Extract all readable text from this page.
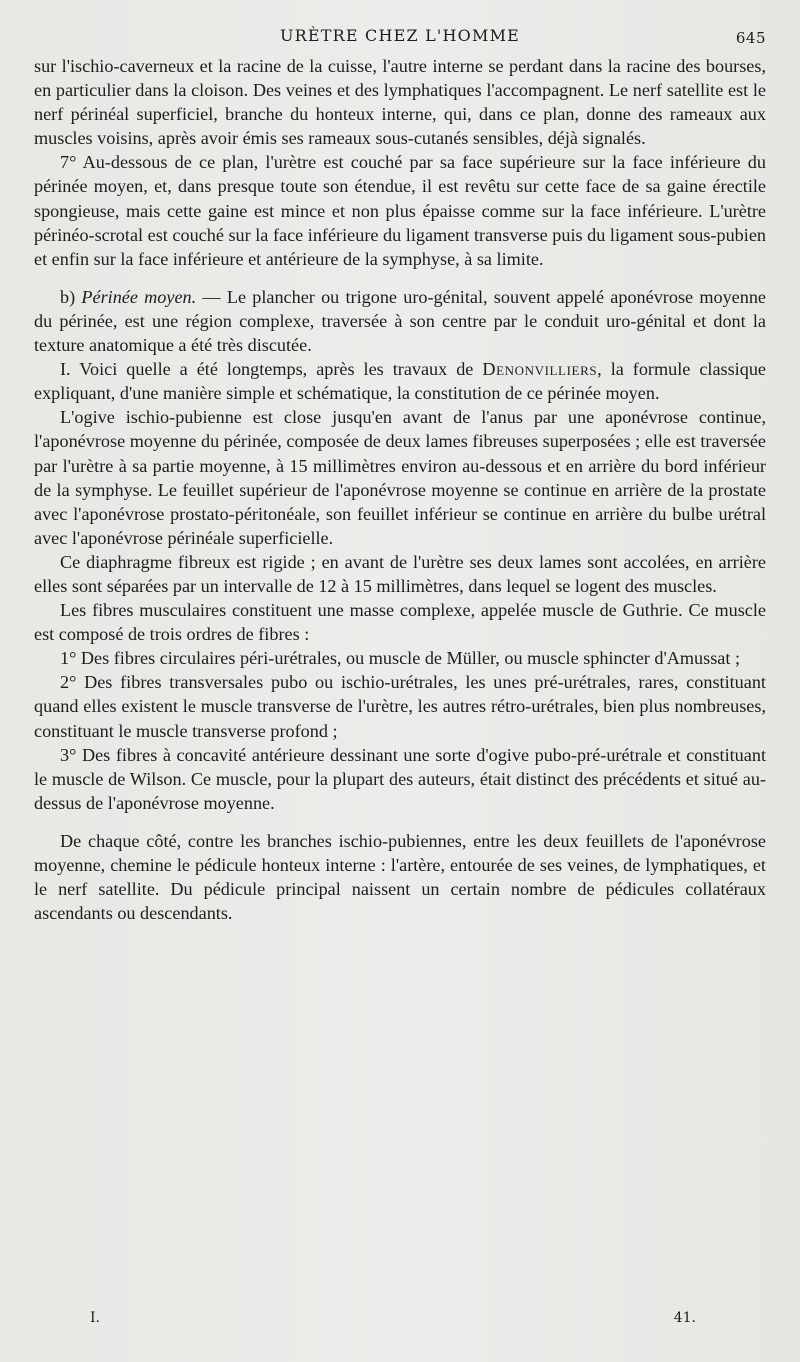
URÈTRE CHEZ L'HOMME	645

sur l'ischio-caverneux et la racine de la cuisse, l'autre interne se perdant dans la racine des bourses, en particulier dans la cloison. Des veines et des lymphatiques l'accompagnent. Le nerf satellite est le nerf périnéal superficiel, branche du honteux interne, qui, dans ce plan, donne des rameaux aux muscles voisins, après avoir émis ses rameaux sous-cutanés sensibles, déjà signalés.

7° Au-dessous de ce plan, l'urètre est couché par sa face supérieure sur la face inférieure du périnée moyen, et, dans presque toute son étendue, il est revêtu sur cette face de sa gaine érectile spongieuse, mais cette gaine est mince et non plus épaisse comme sur la face inférieure. L'urètre périnéo-scrotal est couché sur la face inférieure du ligament transverse puis du ligament sous-pubien et enfin sur la face inférieure et antérieure de la symphyse, à sa limite.

b) Périnée moyen. — Le plancher ou trigone uro-génital, souvent appelé aponévrose moyenne du périnée, est une région complexe, traversée à son centre par le conduit uro-génital et dont la texture anatomique a été très discutée.

I. Voici quelle a été longtemps, après les travaux de Denonvilliers, la formule classique expliquant, d'une manière simple et schématique, la constitution de ce périnée moyen.

L'ogive ischio-pubienne est close jusqu'en avant de l'anus par une aponévrose continue, l'aponévrose moyenne du périnée, composée de deux lames fibreuses superposées ; elle est traversée par l'urètre à sa partie moyenne, à 15 millimètres environ au-dessous et en arrière du bord inférieur de la symphyse. Le feuillet supérieur de l'aponévrose moyenne se continue en arrière de la prostate avec l'aponévrose prostato-péritonéale, son feuillet inférieur se continue en arrière du bulbe urétral avec l'aponévrose périnéale superficielle.

Ce diaphragme fibreux est rigide ; en avant de l'urètre ses deux lames sont accolées, en arrière elles sont séparées par un intervalle de 12 à 15 millimètres, dans lequel se logent des muscles.

Les fibres musculaires constituent une masse complexe, appelée muscle de Guthrie. Ce muscle est composé de trois ordres de fibres :

1° Des fibres circulaires péri-urétrales, ou muscle de Müller, ou muscle sphincter d'Amussat ;

2° Des fibres transversales pubo ou ischio-urétrales, les unes pré-urétrales, rares, constituant quand elles existent le muscle transverse de l'urètre, les autres rétro-urétrales, bien plus nombreuses, constituant le muscle transverse profond ;

3° Des fibres à concavité antérieure dessinant une sorte d'ogive pubo-pré-urétrale et constituant le muscle de Wilson. Ce muscle, pour la plupart des auteurs, était distinct des précédents et situé au-dessus de l'aponévrose moyenne.

De chaque côté, contre les branches ischio-pubiennes, entre les deux feuillets de l'aponévrose moyenne, chemine le pédicule honteux interne : l'artère, entourée de ses veines, de lymphatiques, et le nerf satellite. Du pédicule principal naissent un certain nombre de pédicules collatéraux ascendants ou descendants.

I.	41.
